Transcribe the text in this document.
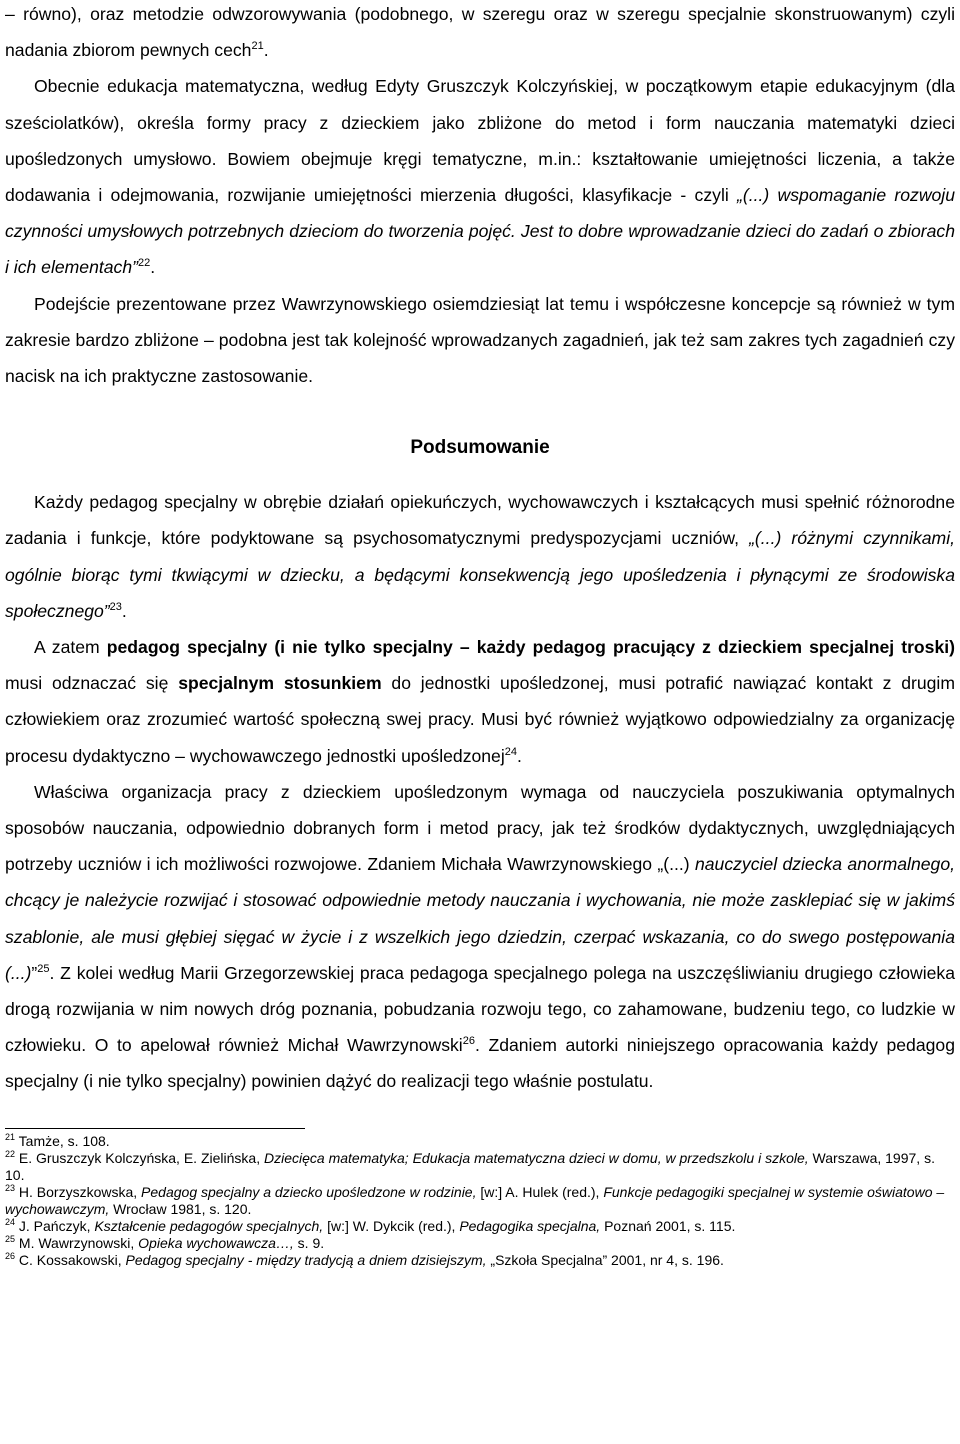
– równo), oraz metodzie odwzorowywania (podobnego, w szeregu oraz w szeregu specjalnie skonstruowanym) czyli nadania zbiorom pewnych cech$^{21}$.

Obecnie edukacja matematyczna, według Edyty Gruszczyk Kolczyńskiej, w początkowym etapie edukacyjnym (dla sześciolatków), określa formy pracy z dzieckiem jako zbliżone do metod i form nauczania matematyki dzieci upośledzonych umysłowo. Bowiem obejmuje kręgi tematyczne, m.in.: kształtowanie umiejętności liczenia, a także dodawania i odejmowania, rozwijanie umiejętności mierzenia długości, klasyfikacje - czyli „(...) wspomaganie rozwoju czynności umysłowych potrzebnych dzieciom do tworzenia pojęć. Jest to dobre wprowadzanie dzieci do zadań o zbiorach i ich elementach”$^{22}$.

Podejście prezentowane przez Wawrzynowskiego osiemdziesiąt lat temu i współczesne koncepcje są również w tym zakresie bardzo zbliżone – podobna jest tak kolejność wprowadzanych zagadnień, jak też sam zakres tych zagadnień czy nacisk na ich praktyczne zastosowanie.

Podsumowanie

Każdy pedagog specjalny w obrębie działań opiekuńczych, wychowawczych i kształcących musi spełnić różnorodne zadania i funkcje, które podyktowane są psychosomatycznymi predyspozycjami uczniów, „(...) różnymi czynnikami, ogólnie biorąc tymi tkwiącymi w dziecku, a będącymi konsekwencją jego upośledzenia i płynącymi ze środowiska społecznego”$^{23}$.

A zatem pedagog specjalny (i nie tylko specjalny – każdy pedagog pracujący z dzieckiem specjalnej troski) musi odznaczać się specjalnym stosunkiem do jednostki upośledzonej, musi potrafić nawiązać kontakt z drugim człowiekiem oraz zrozumieć wartość społeczną swej pracy. Musi być również wyjątkowo odpowiedzialny za organizację procesu dydaktyczno – wychowawczego jednostki upośledzonej$^{24}$.

Właściwa organizacja pracy z dzieckiem upośledzonym wymaga od nauczyciela poszukiwania optymalnych sposobów nauczania, odpowiednio dobranych form i metod pracy, jak też środków dydaktycznych, uwzględniających potrzeby uczniów i ich możliwości rozwojowe. Zdaniem Michała Wawrzynowskiego „(...) nauczyciel dziecka anormalnego, chcący je należycie rozwijać i stosować odpowiednie metody nauczania i wychowania, nie może zasklepiać się w jakimś szablonie, ale musi głębiej sięgać w życie i z wszelkich jego dziedzin, czerpać wskazania, co do swego postępowania (...)”$^{25}$. Z kolei według Marii Grzegorzewskiej praca pedagoga specjalnego polega na uszczęśliwianiu drugiego człowieka drogą rozwijania w nim nowych dróg poznania, pobudzania rozwoju tego, co zahamowane, budzeniu tego, co ludzkie w człowieku. O to apelował również Michał Wawrzynowski$^{26}$. Zdaniem autorki niniejszego opracowania każdy pedagog specjalny (i nie tylko specjalny) powinien dążyć do realizacji tego właśnie postulatu.

$^{21}$ Tamże, s. 108.

$^{22}$ E. Gruszczyk Kolczyńska, E. Zielińska, Dziecięca matematyka; Edukacja matematyczna dzieci w domu, w przedszkolu i szkole, Warszawa, 1997, s. 10.

$^{23}$ H. Borzyszkowska, Pedagog specjalny a dziecko upośledzone w rodzinie, [w:] A. Hulek (red.), Funkcje pedagogiki specjalnej w systemie oświatowo – wychowawczym, Wrocław 1981, s. 120.

$^{24}$ J. Pańczyk, Kształcenie pedagogów specjalnych, [w:] W. Dykcik (red.), Pedagogika specjalna, Poznań 2001, s. 115.

$^{25}$ M. Wawrzynowski, Opieka wychowawcza…, s. 9.

$^{26}$ C. Kossakowski, Pedagog specjalny - między tradycją a dniem dzisiejszym, „Szkoła Specjalna” 2001, nr 4, s. 196.
